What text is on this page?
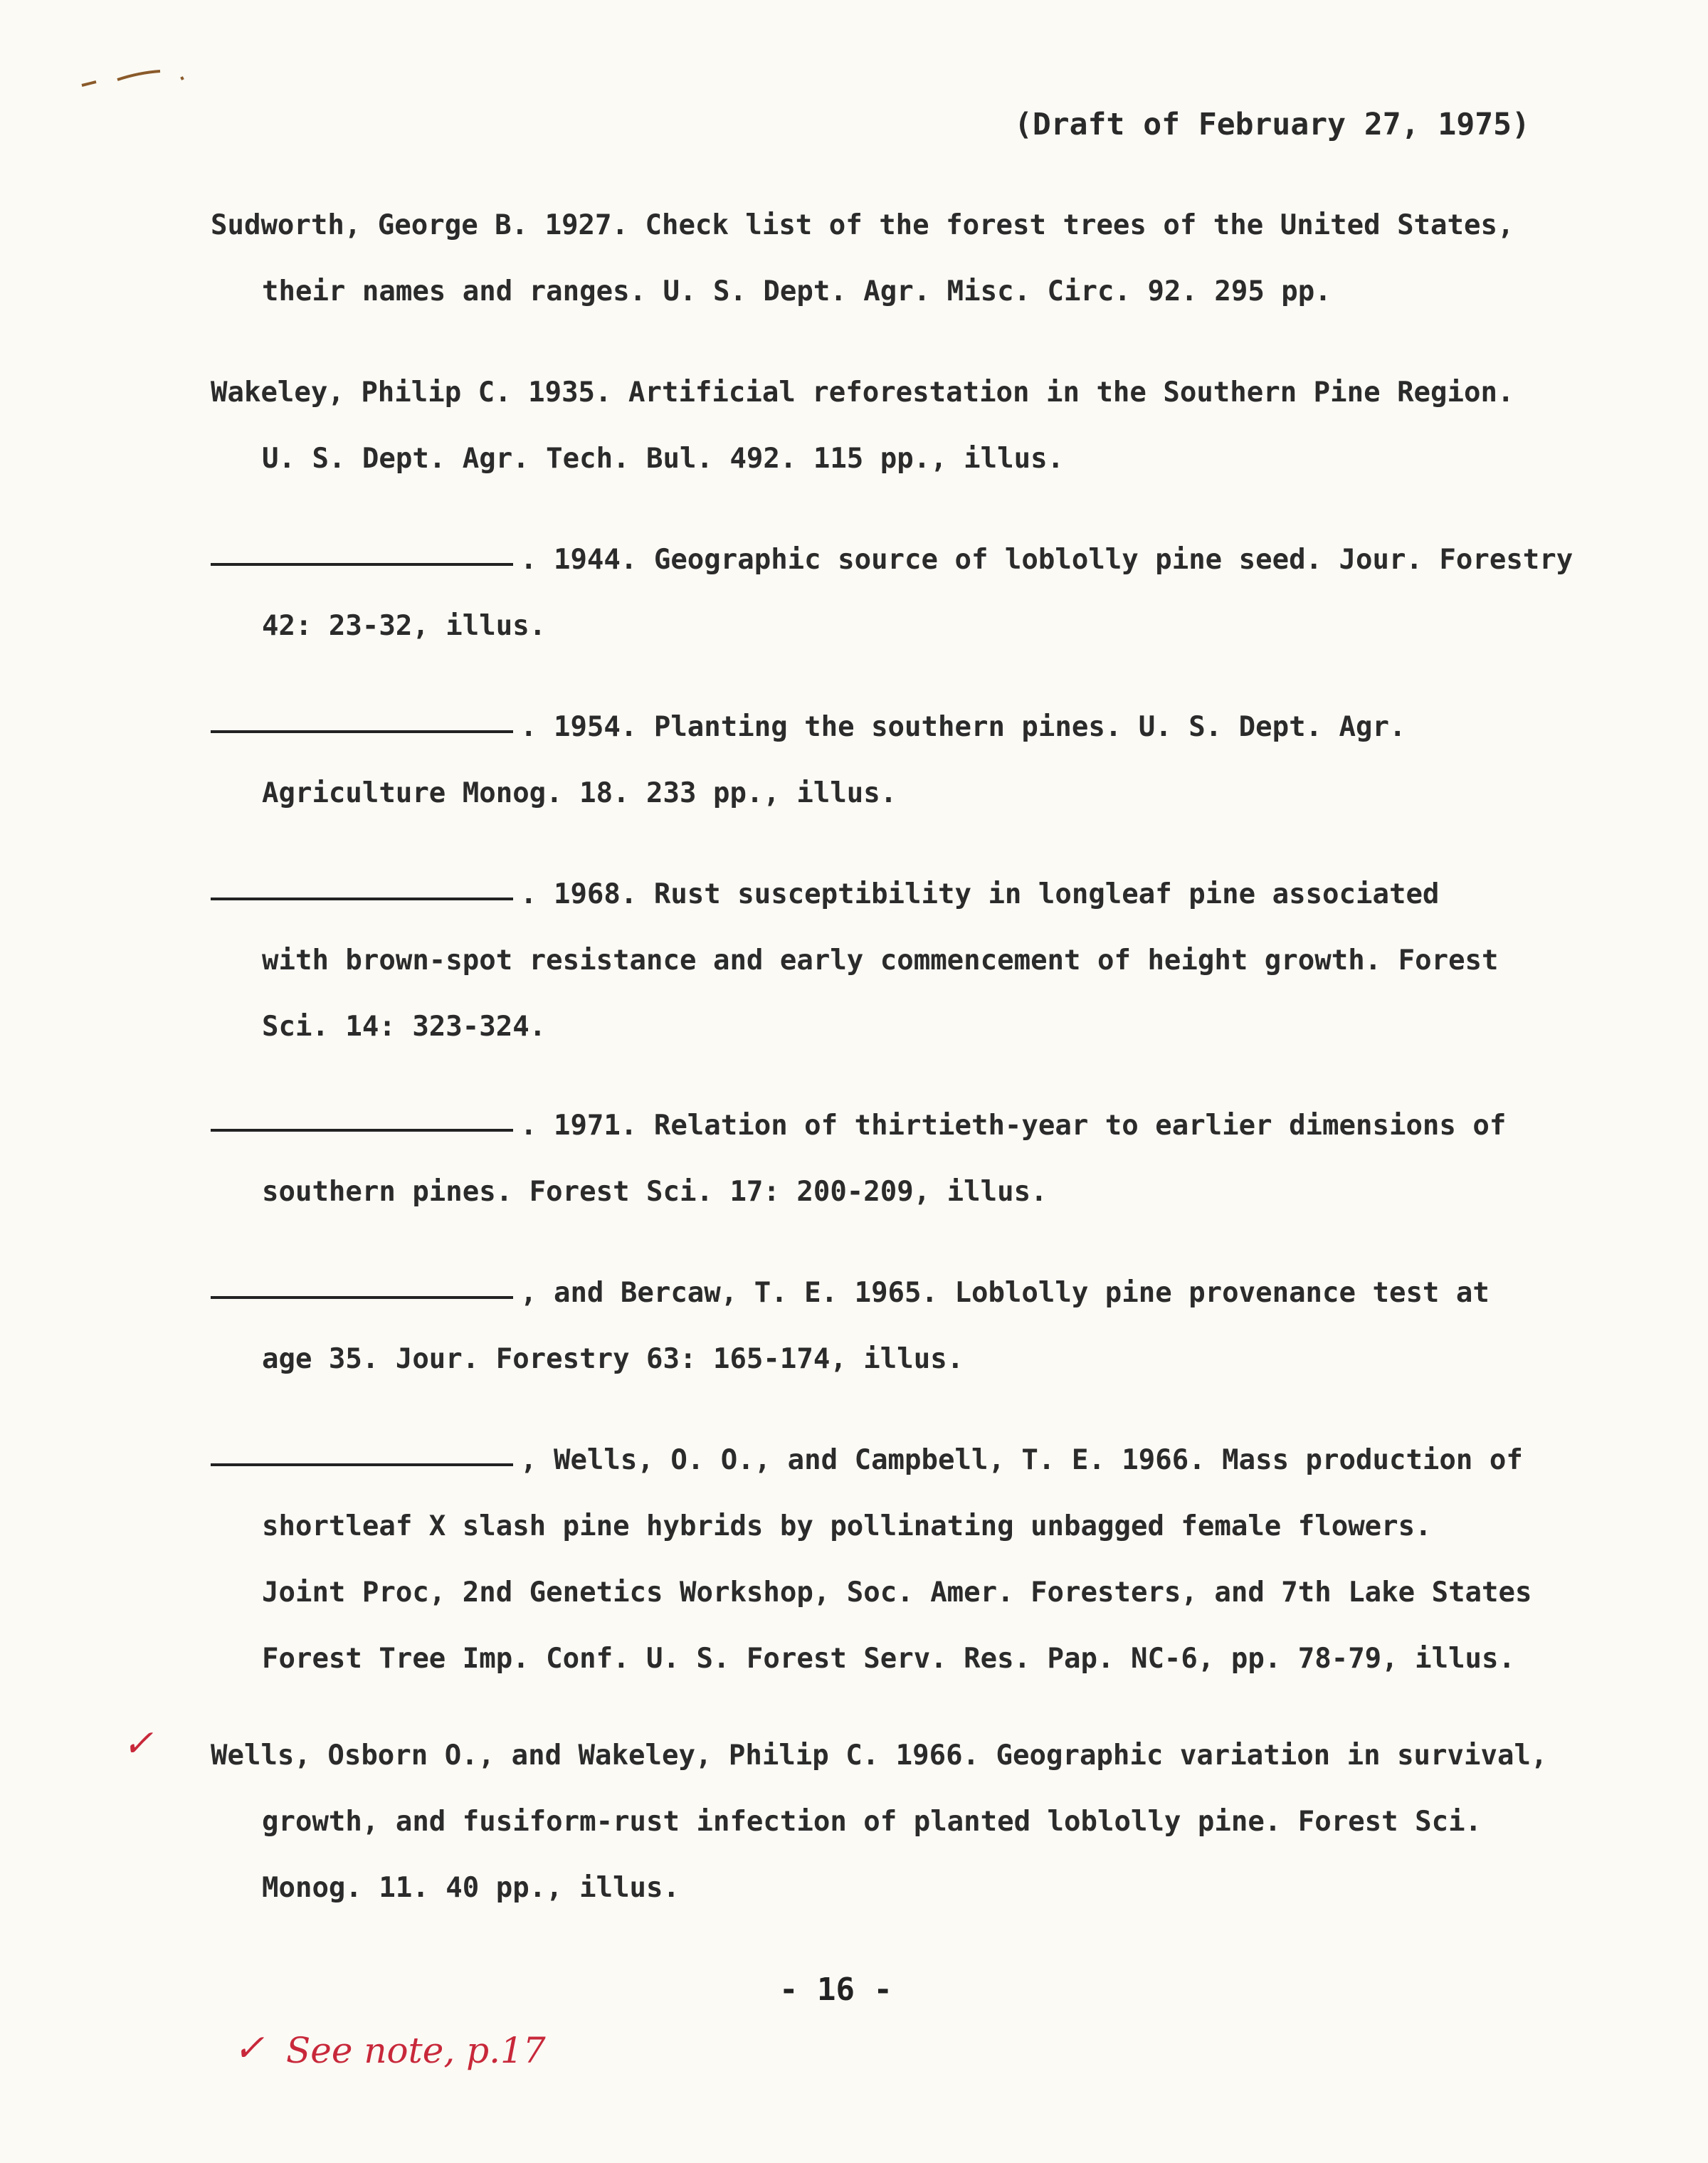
(Draft of February 27, 1975)
Sudworth, George B. 1927. Check list of the forest trees of the United States,
their names and ranges. U. S. Dept. Agr. Misc. Circ. 92. 295 pp.
Wakeley, Philip C. 1935. Artificial reforestation in the Southern Pine Region.
U. S. Dept. Agr. Tech. Bul. 492. 115 pp., illus.
. 1944. Geographic source of loblolly pine seed. Jour. Forestry
42: 23-32, illus.
. 1954. Planting the southern pines. U. S. Dept. Agr.
Agriculture Monog. 18. 233 pp., illus.
. 1968. Rust susceptibility in longleaf pine associated
with brown-spot resistance and early commencement of height growth. Forest
Sci. 14: 323-324.
. 1971. Relation of thirtieth-year to earlier dimensions of
southern pines. Forest Sci. 17: 200-209, illus.
, and Bercaw, T. E. 1965. Loblolly pine provenance test at
age 35. Jour. Forestry 63: 165-174, illus.
, Wells, O. O., and Campbell, T. E. 1966. Mass production of
shortleaf X slash pine hybrids by pollinating unbagged female flowers.
Joint Proc, 2nd Genetics Workshop, Soc. Amer. Foresters, and 7th Lake States
Forest Tree Imp. Conf. U. S. Forest Serv. Res. Pap. NC-6, pp. 78-79, illus.
Wells, Osborn O., and Wakeley, Philip C. 1966. Geographic variation in survival,
growth, and fusiform-rust infection of planted loblolly pine. Forest Sci.
Monog. 11. 40 pp., illus.
✓
- 16 -
✓ See note, p.17
